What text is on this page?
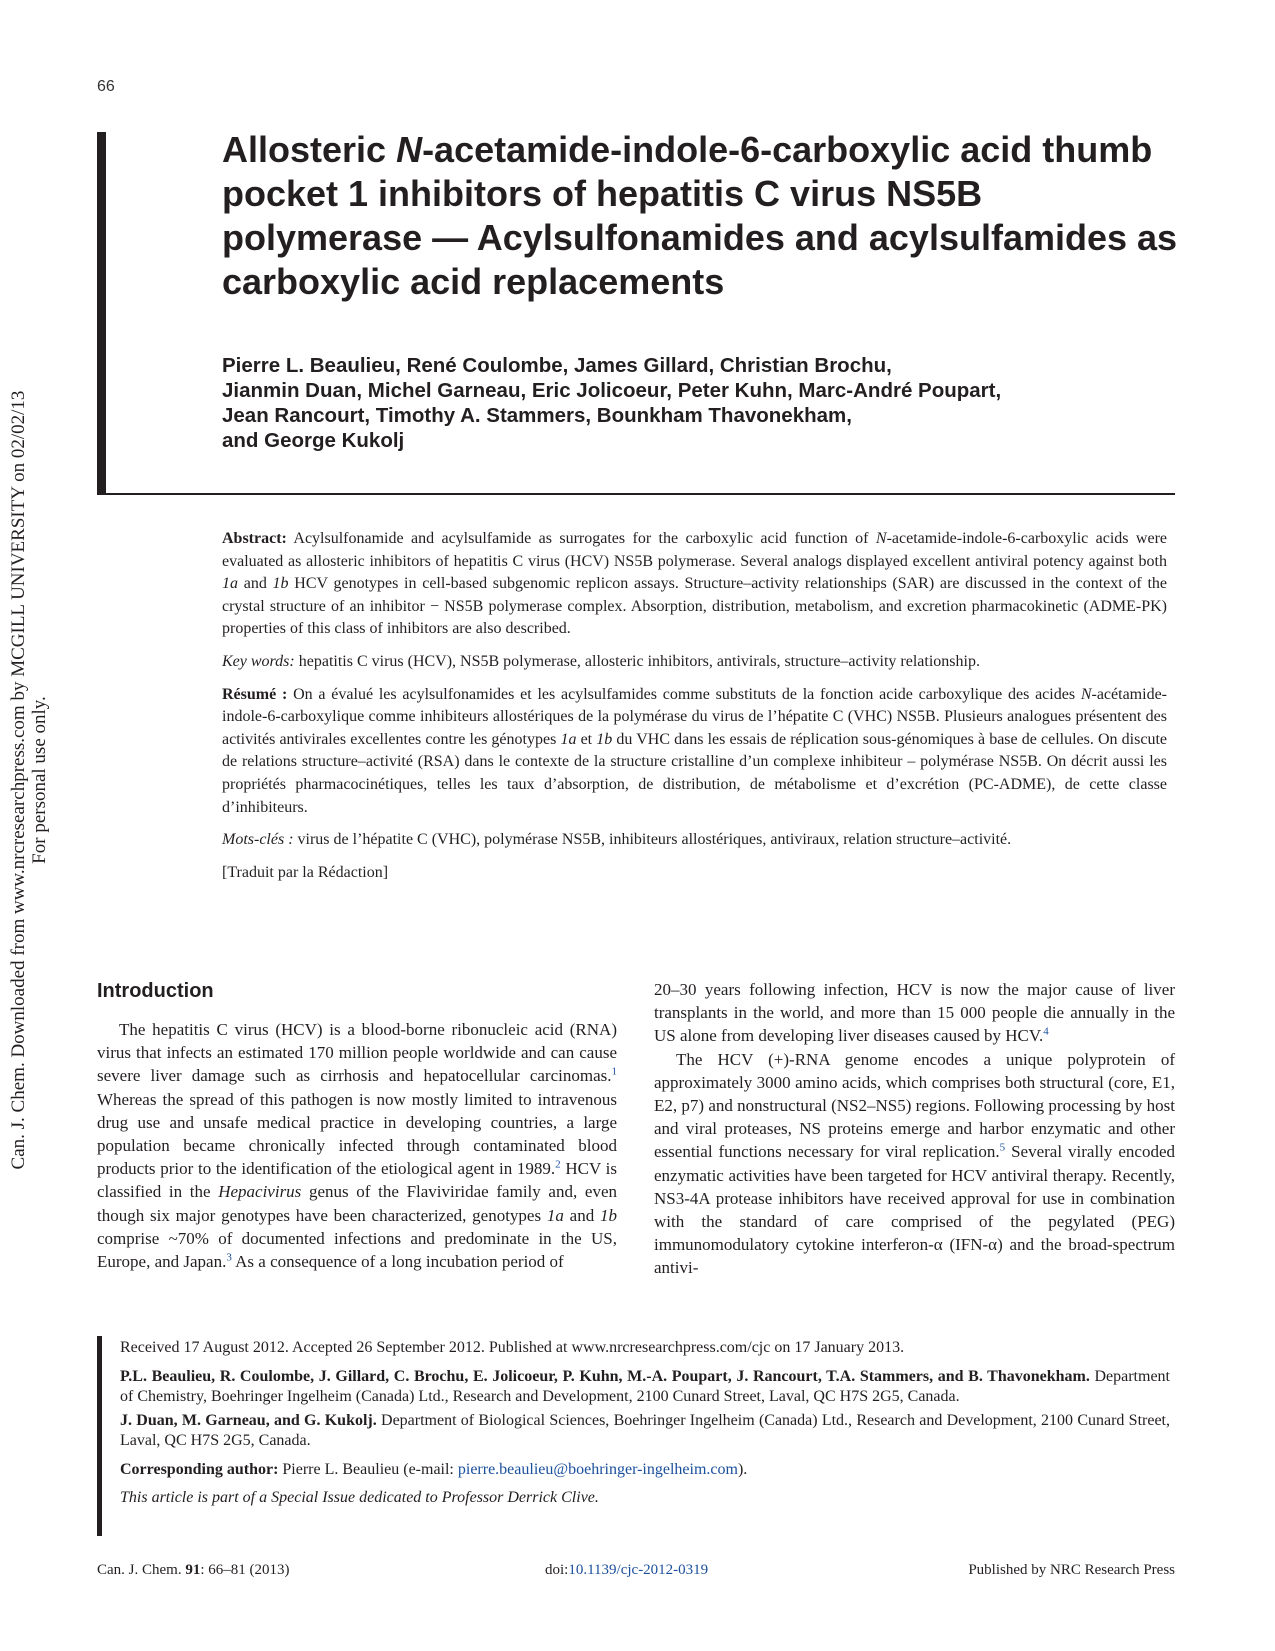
66
Allosteric N-acetamide-indole-6-carboxylic acid thumb pocket 1 inhibitors of hepatitis C virus NS5B polymerase — Acylsulfonamides and acylsulfamides as carboxylic acid replacements
Pierre L. Beaulieu, René Coulombe, James Gillard, Christian Brochu,
Jianmin Duan, Michel Garneau, Eric Jolicoeur, Peter Kuhn, Marc-André Poupart,
Jean Rancourt, Timothy A. Stammers, Bounkham Thavonekham,
and George Kukolj

Abstract: Acylsulfonamide and acylsulfamide as surrogates for the carboxylic acid function of N-acetamide-indole-6-carboxylic acids were evaluated as allosteric inhibitors of hepatitis C virus (HCV) NS5B polymerase. Several analogs displayed excellent antiviral potency against both 1a and 1b HCV genotypes in cell-based subgenomic replicon assays. Structure–activity relationships (SAR) are discussed in the context of the crystal structure of an inhibitor − NS5B polymerase complex. Absorption, distribution, metabolism, and excretion pharmacokinetic (ADME-PK) properties of this class of inhibitors are also described.

Key words: hepatitis C virus (HCV), NS5B polymerase, allosteric inhibitors, antivirals, structure–activity relationship.

Résumé : On a évalué les acylsulfonamides et les acylsulfamides comme substituts de la fonction acide carboxylique des acides N-acétamide-indole-6-carboxylique comme inhibiteurs allostériques de la polymérase du virus de l’hépatite C (VHC) NS5B. Plusieurs analogues présentent des activités antivirales excellentes contre les génotypes 1a et 1b du VHC dans les essais de réplication sous-génomiques à base de cellules. On discute de relations structure–activité (RSA) dans le contexte de la structure cristalline d’un complexe inhibiteur – polymérase NS5B. On décrit aussi les propriétés pharmacocinétiques, telles les taux d’absorption, de distribution, de métabolisme et d’excrétion (PC-ADME), de cette classe d’inhibiteurs.

Mots-clés : virus de l’hépatite C (VHC), polymérase NS5B, inhibiteurs allostériques, antiviraux, relation structure–activité.

[Traduit par la Rédaction]

Can. J. Chem. Downloaded from www.nrcresearchpress.com by MCGILL UNIVERSITY on 02/02/13 For personal use only.
Introduction

The hepatitis C virus (HCV) is a blood-borne ribonucleic acid (RNA) virus that infects an estimated 170 million people worldwide and can cause severe liver damage such as cirrhosis and hepatocellular carcinomas.$^1$ Whereas the spread of this pathogen is now mostly limited to intravenous drug use and unsafe medical practice in developing countries, a large population became chronically infected through contaminated blood products prior to the identification of the etiological agent in 1989.$^2$ HCV is classified in the Hepacivirus genus of the Flaviviridae family and, even though six major genotypes have been characterized, genotypes 1a and 1b comprise ~70% of documented infections and predominate in the US, Europe, and Japan.$^3$ As a consequence of a long incubation period of

20–30 years following infection, HCV is now the major cause of liver transplants in the world, and more than 15 000 people die annually in the US alone from developing liver diseases caused by HCV.$^4$

The HCV (+)-RNA genome encodes a unique polyprotein of approximately 3000 amino acids, which comprises both structural (core, E1, E2, p7) and nonstructural (NS2–NS5) regions. Following processing by host and viral proteases, NS proteins emerge and harbor enzymatic and other essential functions necessary for viral replication.$^5$ Several virally encoded enzymatic activities have been targeted for HCV antiviral therapy. Recently, NS3-4A protease inhibitors have received approval for use in combination with the standard of care comprised of the pegylated (PEG) immunomodulatory cytokine interferon-α (IFN-α) and the broad-spectrum antivi-

Received 17 August 2012. Accepted 26 September 2012. Published at www.nrcresearchpress.com/cjc on 17 January 2013.

P.L. Beaulieu, R. Coulombe, J. Gillard, C. Brochu, E. Jolicoeur, P. Kuhn, M.-A. Poupart, J. Rancourt, T.A. Stammers, and B. Thavonekham. Department of Chemistry, Boehringer Ingelheim (Canada) Ltd., Research and Development, 2100 Cunard Street, Laval, QC H7S 2G5, Canada.

J. Duan, M. Garneau, and G. Kukolj. Department of Biological Sciences, Boehringer Ingelheim (Canada) Ltd., Research and Development, 2100 Cunard Street, Laval, QC H7S 2G5, Canada.

Corresponding author: Pierre L. Beaulieu (e-mail: pierre.beaulieu@boehringer-ingelheim.com).

This article is part of a Special Issue dedicated to Professor Derrick Clive.

Can. J. Chem. 91: 66–81 (2013)	doi:10.1139/cjc-2012-0319	Published by NRC Research Press
